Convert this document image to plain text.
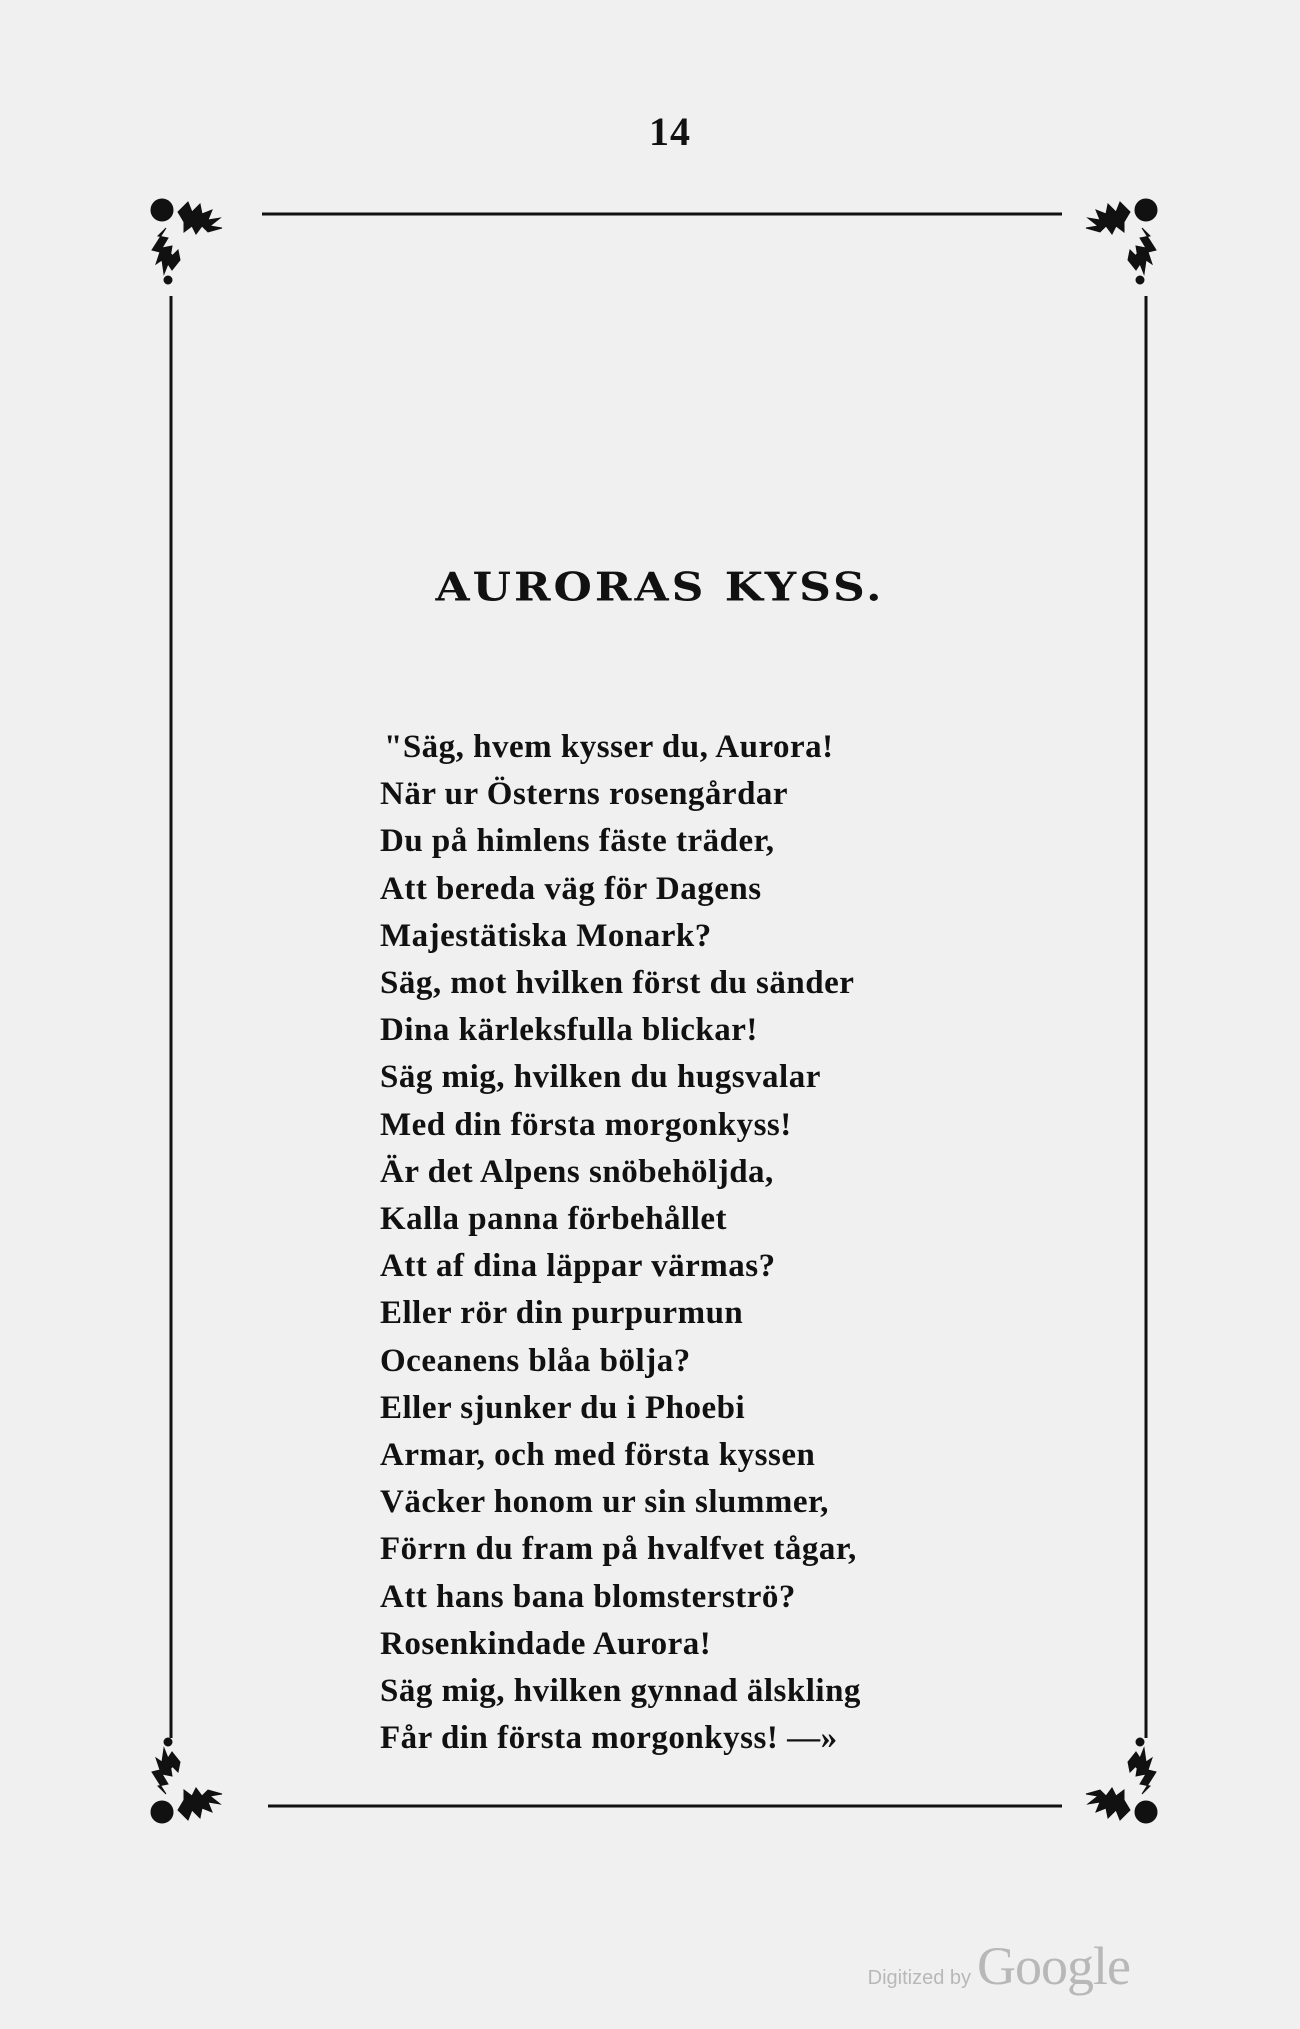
14
AURORAS KYSS.
"Säg, hvem kysser du, Aurora!
När ur Österns rosengårdar
Du på himlens fäste träder,
Att bereda väg för Dagens
Majestätiska Monark?
Säg, mot hvilken först du sänder
Dina kärleksfulla blickar!
Säg mig, hvilken du hugsvalar
Med din första morgonkyss!
Är det Alpens snöbehöljda,
Kalla panna förbehållet
Att af dina läppar värmas?
Eller rör din purpurmun
Oceanens blåa bölja?
Eller sjunker du i Phoebi
Armar, och med första kyssen
Väcker honom ur sin slummer,
Förrn du fram på hvalfvet tågar,
Att hans bana blomsterströ?
Rosenkindade Aurora!
Säg mig, hvilken gynnad älskling
Får din första morgonkyss! —»
Digitized by Google
